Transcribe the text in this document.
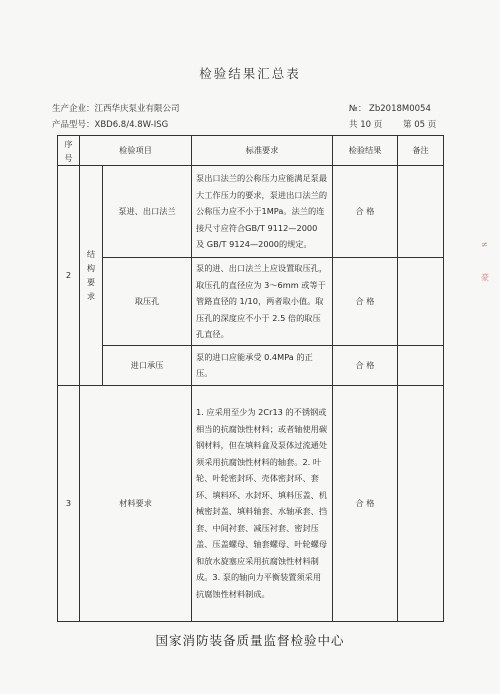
检验结果汇总表
生产企业：江西华庆泵业有限公司
产品型号：XBD6.8/4.8W-ISG
№： Zb2018M0054
共 10 页 第 05 页
序号	检验项目		标准要求	检验结果	备注
2	结构要求	泵进、出口法兰	泵出口法兰的公称压力应能满足泵最大工作压力的要求，泵进出口法兰的公称压力应不小于1MPa。法兰的连接尺寸应符合GB/T 9112—2000 及 GB/T 9124—2000的规定。	合 格	
		取压孔	泵的进、出口法兰上应设置取压孔，取压孔的直径应为 3～6mm 或等于管路直径的 1/10，两者取小值。取压孔的深度应不小于 2.5 倍的取压孔直径。	合 格	
		进口承压	泵的进口应能承受 0.4MPa 的正压。	合 格	
3	材料要求		1. 应采用至少为 2Cr13 的不锈钢或相当的抗腐蚀性材料；或者轴使用碳钢材料，但在填料盒及泵体过流通处须采用抗腐蚀性材料的轴套。2. 叶轮、叶轮密封环、壳体密封环、套环、填料环、水封环、填料压盖、机械密封盖、填料轴套、水轴承套、挡套、中间衬套、减压衬套、密封压盖、压盖螺母、轴套螺母、叶轮螺母和放水旋塞应采用抗腐蚀性材料制成。3. 泵的轴向力平衡装置须采用抗腐蚀性材料制成。	合 格	
国家消防装备质量监督检验中心
≠
豪
